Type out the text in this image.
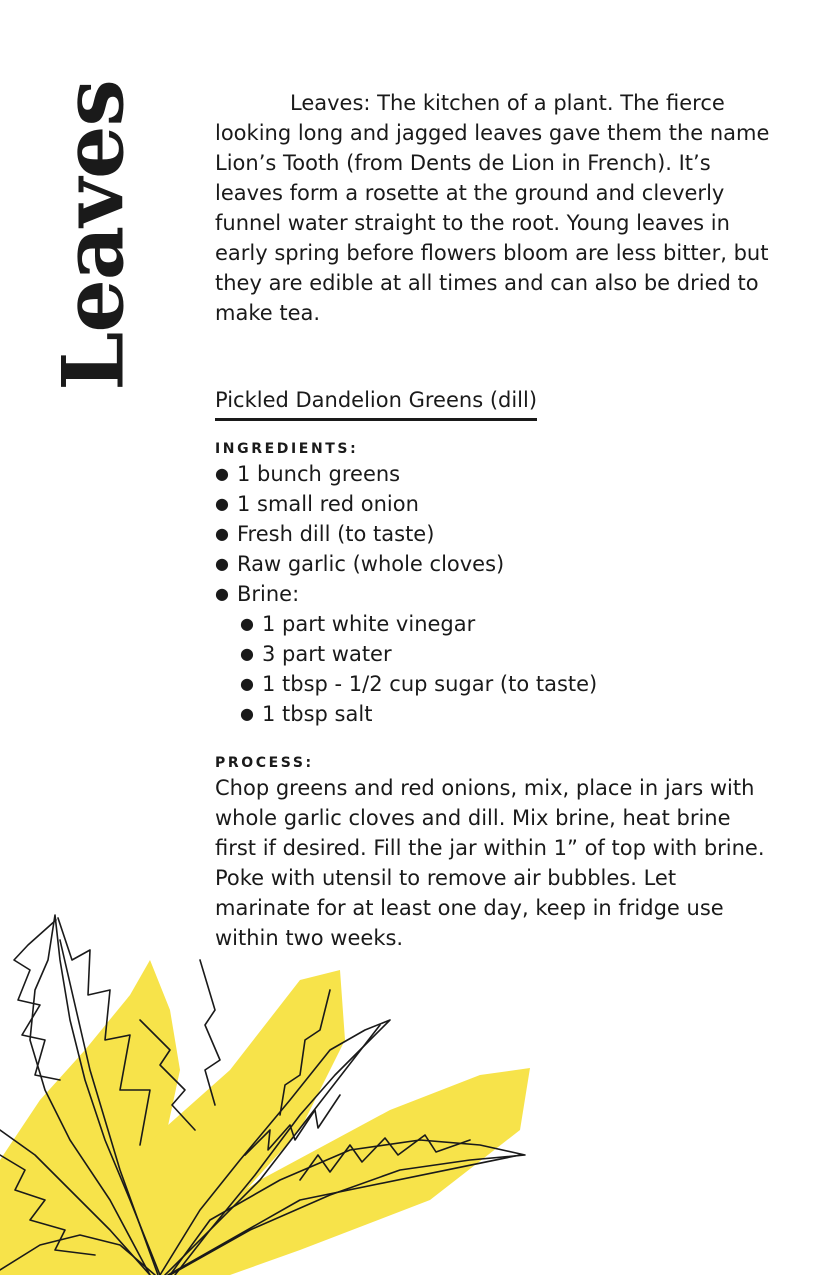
Leaves	Leaves: The kitchen of a plant. The fierce looking long and jagged leaves gave them the name Lion’s Tooth (from Dents de Lion in French). It’s leaves form a rosette at the ground and cleverly funnel water straight to the root. Young leaves in early spring before flowers bloom are less bitter, but they are edible at all times and can also be dried to make tea.

Pickled Dandelion Greens (dill)
INGREDIENTS:
● 1 bunch greens
● 1 small red onion
● Fresh dill (to taste)
● Raw garlic (whole cloves)
● Brine:
● 1 part white vinegar
● 3 part water
● 1 tbsp - 1/2 cup sugar (to taste)
● 1 tbsp salt
PROCESS:

Chop greens and red onions, mix, place in jars with whole garlic cloves and dill. Mix brine, heat brine first if desired. Fill the jar within 1” of top with brine. Poke with utensil to remove air bubbles. Let marinate for at least one day, keep in fridge use within two weeks.
